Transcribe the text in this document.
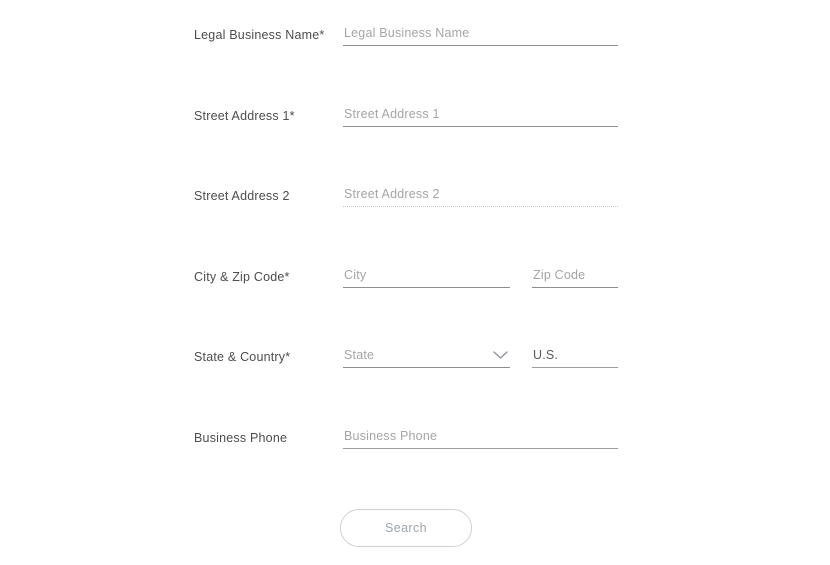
Legal Business Name*
Legal Business Name
Street Address 1*
Street Address 1
Street Address 2
Street Address 2
City & Zip Code*
City
Zip Code
State & Country*
State
U.S.
Business Phone
Business Phone
Search
